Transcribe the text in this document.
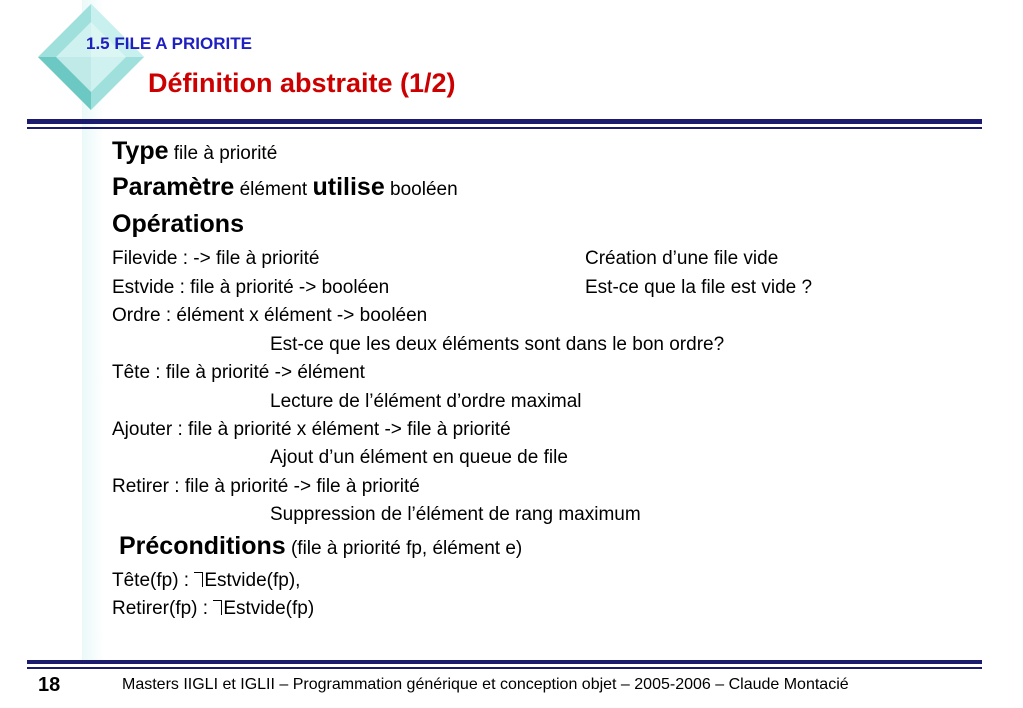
1.5 FILE A PRIORITE
Définition abstraite (1/2)
Type file à priorité
Paramètre élément utilise booléen
Opérations
Filevide : -> file à priorité	Création d’une file vide
Estvide : file à priorité -> booléen	Est-ce que la file est vide ?
Ordre : élément x élément -> booléen
Est-ce que les deux éléments sont dans le bon ordre?
Tête : file à priorité -> élément
Lecture de l’élément d’ordre maximal
Ajouter : file à priorité x élément -> file à priorité
Ajout d’un élément en queue de file
Retirer : file à priorité -> file à priorité
Suppression de l’élément de rang maximum
Préconditions (file à priorité fp, élément e)
Tête(fp) : Estvide(fp),
Retirer(fp) : Estvide(fp)
18	Masters IIGLI et IGLII – Programmation générique et conception objet – 2005-2006 – Claude Montacié
